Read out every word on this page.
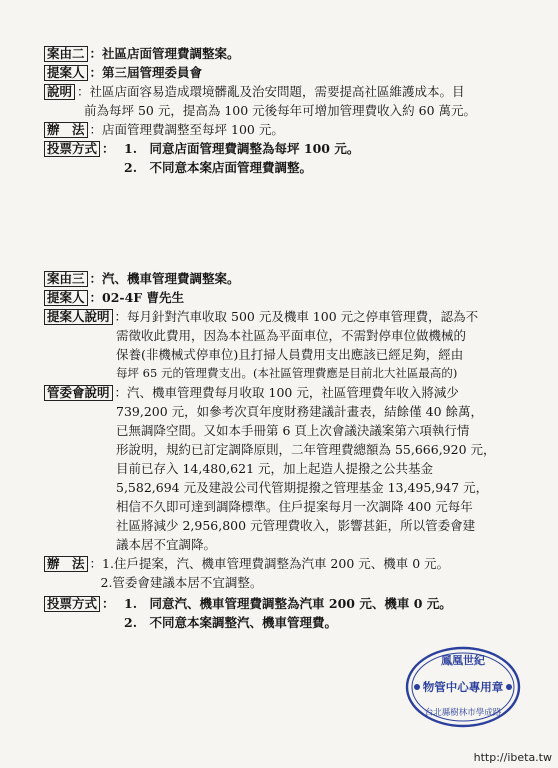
案由二 ：社區店面管理費調整案。
提案人 ：第三屆管理委員會
說明 ：社區店面容易造成環境髒亂及治安問題，需要提高社區維護成本。目
前為每坪 50 元，提高為 100 元後每年可增加管理費收入約 60 萬元。
辦　法 ：店面管理費調整至每坪 100 元。
投票方式 ： 1.　同意店面管理費調整為每坪 100 元。
2.　不同意本案店面管理費調整。
案由三 ：汽、機車管理費調整案。
提案人 ：02-4F 曹先生
提案人說明 ：每月針對汽車收取 500 元及機車 100 元之停車管理費，認為不
需徵收此費用，因為本社區為平面車位，不需對停車位做機械的
保養(非機械式停車位)且打掃人員費用支出應該已經足夠，經由
每坪 65 元的管理費支出。(本社區管理費應是目前北大社區最高的)
管委會說明 ：汽、機車管理費每月收取 100 元，社區管理費年收入將減少
739,200 元，如參考次頁年度財務建議計畫表，結餘僅 40 餘萬，
已無調降空間。又如本手冊第 6 頁上次會議決議案第六項執行情
形說明，規約已訂定調降原則，二年管理費總額為 55,666,920 元，
目前已存入 14,480,621 元，加上起造人提撥之公共基金
5,582,694 元及建設公司代管期提撥之管理基金 13,495,947 元，
相信不久即可達到調降標準。住戶提案每月一次調降 400 元每年
社區將減少 2,956,800 元管理費收入，影響甚鉅，所以管委會建
議本居不宜調降。
辦　法 ：1.住戶提案，汽、機車管理費調整為汽車 200 元、機車 0 元。
　2.管委會建議本居不宜調整。
投票方式 ： 1.　同意汽、機車管理費調整為汽車 200 元、機車 0 元。
2.　不同意本案調整汽、機車管理費。
鳳凰世紀
物管中心專用章
台北縣樹林市學成路
http://ibeta.tw
